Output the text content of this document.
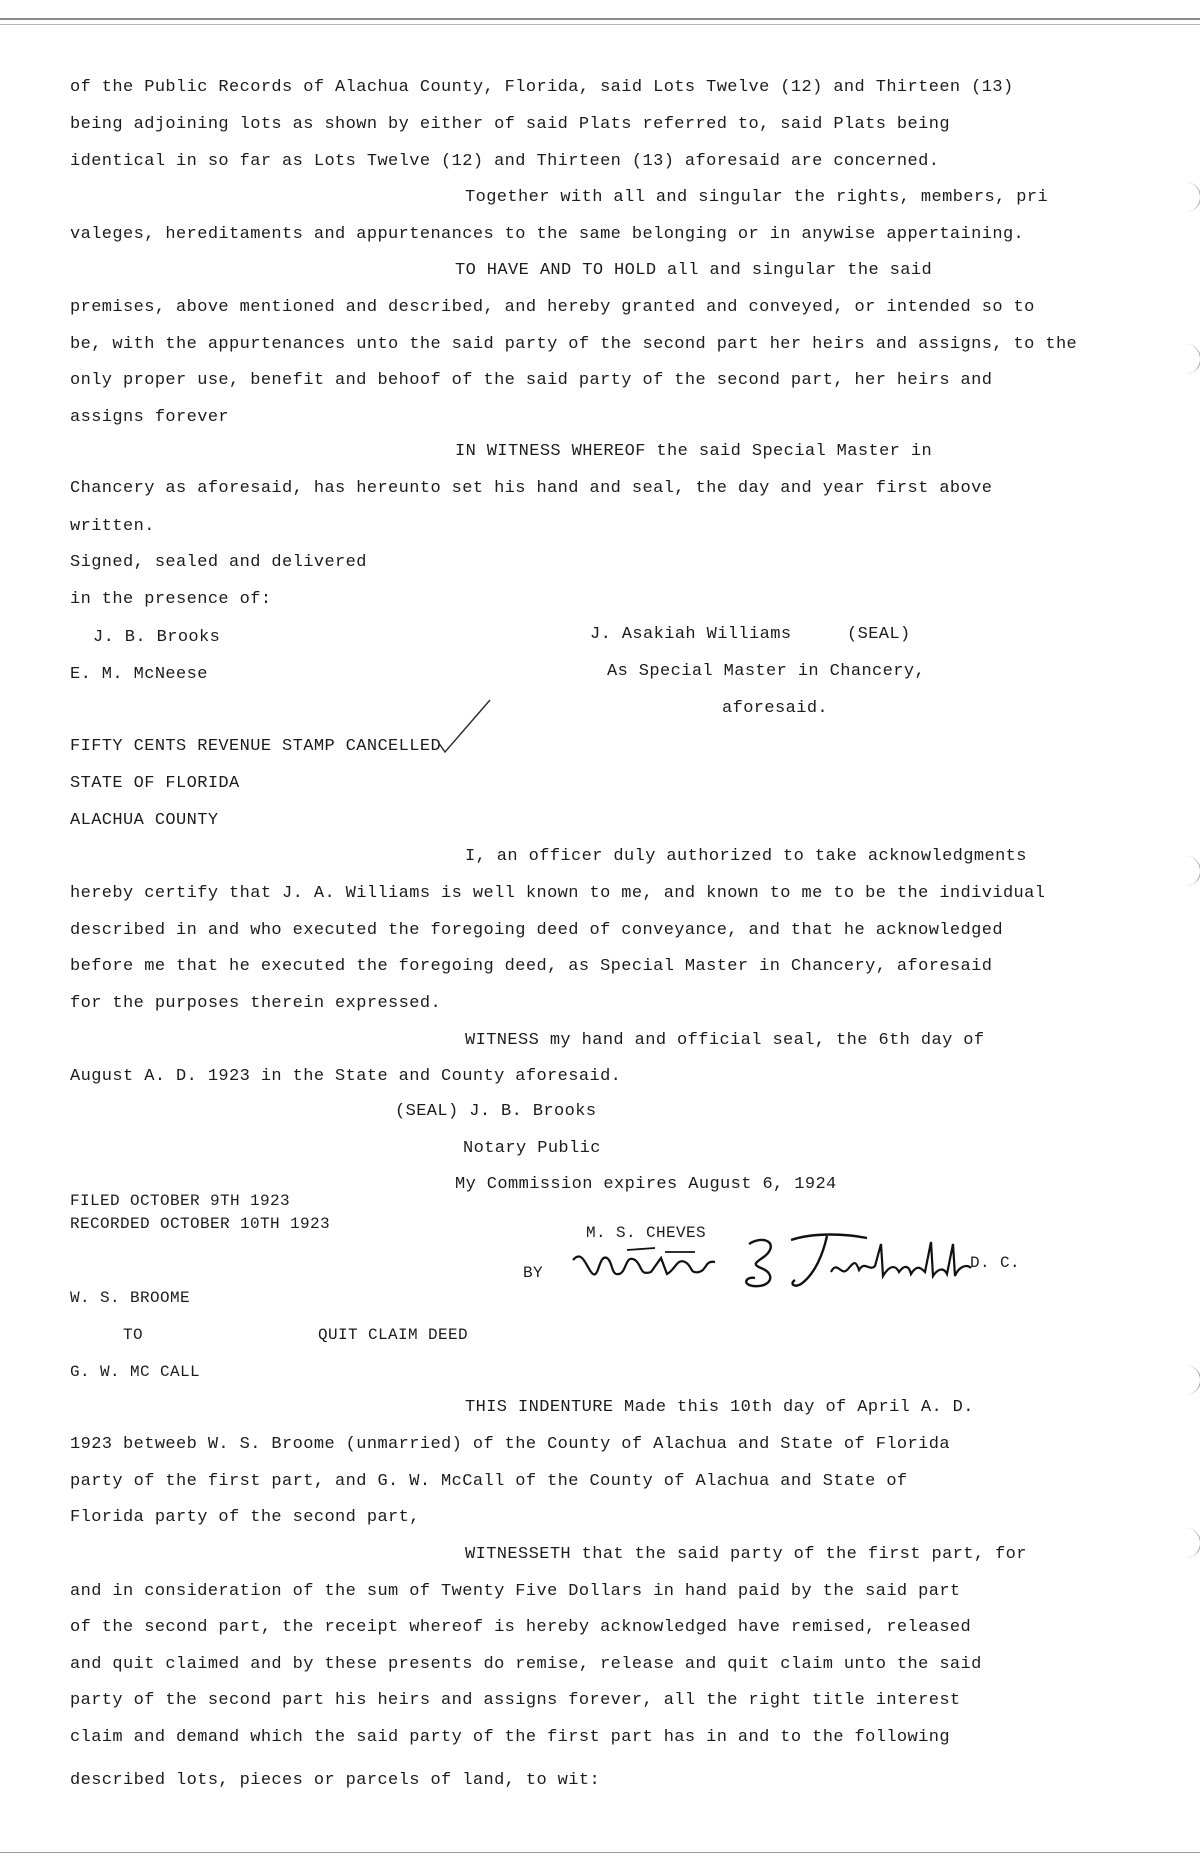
of the Public Records of Alachua County, Florida, said Lots Twelve (12) and Thirteen (13)
being adjoining lots as shown by either of said Plats referred to, said Plats being
identical in so far as Lots Twelve (12) and Thirteen (13) aforesaid are concerned.
Together with all and singular the rights, members, pri
valeges, hereditaments and appurtenances to the same belonging or in anywise appertaining.
TO HAVE AND TO HOLD all and singular the said
premises, above mentioned and described, and hereby granted and conveyed, or intended so to
be, with the appurtenances unto the said party of the second part her heirs and assigns, to the
only proper use, benefit and behoof of the said party of the second part, her heirs and
assigns forever
IN WITNESS WHEREOF the said Special Master in
Chancery as aforesaid, has hereunto set his hand and seal, the day and year first above
written.
Signed, sealed and delivered
in the presence of:
J. B. Brooks
E. M. McNeese
J. Asakiah Williams	(SEAL)
As Special Master in Chancery,
aforesaid.
FIFTY CENTS REVENUE STAMP CANCELLED
STATE OF FLORIDA
ALACHUA COUNTY
I, an officer duly authorized to take acknowledgments
hereby certify that J. A. Williams is well known to me, and known to me to be the individual
described in and who executed the foregoing deed of conveyance, and that he acknowledged
before me that he executed the foregoing deed, as Special Master in Chancery, aforesaid
for the purposes therein expressed.
WITNESS my hand and official seal, the 6th day of
August A. D. 1923 in the State and County aforesaid.
(SEAL) J. B. Brooks
Notary Public
My Commission expires August 6, 1924
FILED OCTOBER 9TH 1923
RECORDED OCTOBER 10TH 1923	M. S. CHEVES
BY
D. C.
W. S. BROOME
TO	QUIT CLAIM DEED
G. W. MC CALL
THIS INDENTURE Made this 10th day of April A. D.
1923 betweeb W. S. Broome (unmarried) of the County of Alachua and State of Florida
party of the first part, and G. W. McCall of the County of Alachua and State of
Florida party of the second part,
WITNESSETH that the said party of the first part, for
and in consideration of the sum of Twenty Five Dollars in hand paid by the said part
of the second part, the receipt whereof is hereby acknowledged have remised, released
and quit claimed and by these presents do remise, release and quit claim unto the said
party of the second part his heirs and assigns forever, all the right title interest
claim and demand which the said party of the first part has in and to the following
described lots, pieces or parcels of land, to wit:
